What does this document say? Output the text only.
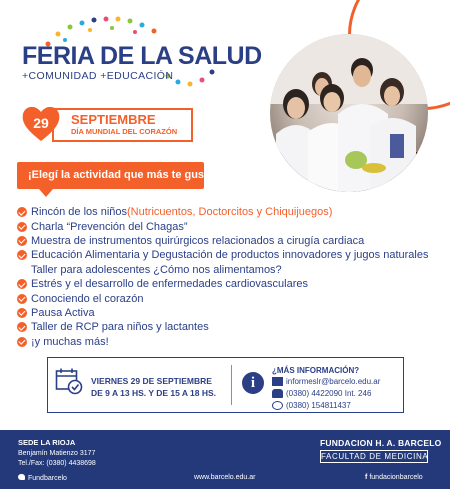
FERIA DE LA SALUD
+COMUNIDAD +EDUCACIÓN
29	SEPTIEMBRE
DÍA MUNDIAL DEL CORAZÓN
¡Elegí la actividad que más te guste!
Rincón de los niños (Nutricuentos, Doctorcitos y Chiquijuegos)
Charla “Prevención del Chagas”
Muestra de instrumentos quirúrgicos relacionados a cirugía cardiaca
Educación Alimentaria y Degustación de productos innovadores y jugos naturales
Taller para adolescentes ¿Cómo nos alimentamos?
Estrés y el desarrollo de enfermedades cardiovasculares
Conociendo el corazón
Pausa Activa
Taller de RCP para niños y lactantes
¡y muchas más!
VIERNES 29 DE SEPTIEMBRE
DE 9 A 13 HS. Y DE 15 A 18 HS.
i
¿MÁS INFORMACIÓN?
informeslr@barcelo.edu.ar
(0380) 4422090 Int. 246
(0380) 154811437
SEDE LA RIOJA
Benjamín Matienzo 3177
Tel./Fax: (0380) 4438698
Fundbarcelo	www.barcelo.edu.ar	f fundacionbarcelo
FUNDACION H. A. BARCELO
FACULTAD DE MEDICINA
